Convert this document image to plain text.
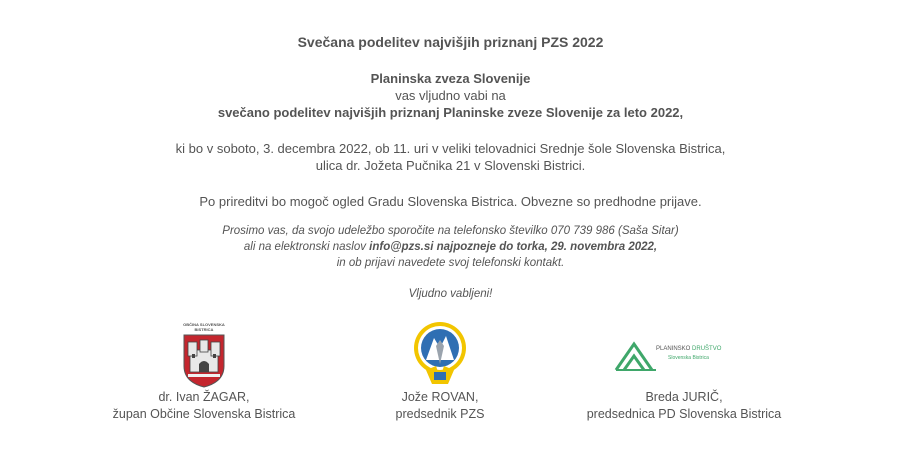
Svečana podelitev najvišjih priznanj PZS 2022
Planinska zveza Slovenije
vas vljudno vabi na
svečano podelitev najvišjih priznanj Planinske zveze Slovenije za leto 2022,
ki bo v soboto, 3. decembra 2022, ob 11. uri v veliki telovadnici Srednje šole Slovenska Bistrica,
ulica dr. Jožeta Pučnika 21 v Slovenski Bistrici.
Po prireditvi bo mogoč ogled Gradu Slovenska Bistrica. Obvezne so predhodne prijave.
Prosimo vas, da svojo udeležbo sporočite na telefonsko številko 070 739 986 (Saša Sitar)
ali na elektronski naslov info@pzs.si najpozneje do torka, 29. novembra 2022,
in ob prijavi navedete svoj telefonski kontakt.
Vljudno vabljeni!
OBČINA SLOVENSKA BISTRICA
PLANINSKO DRUŠTVO
Slovenska Bistrica
dr. Ivan ŽAGAR,
župan Občine Slovenska Bistrica
Jože ROVAN,
predsednik PZS
Breda JURIČ,
predsednica PD Slovenska Bistrica
